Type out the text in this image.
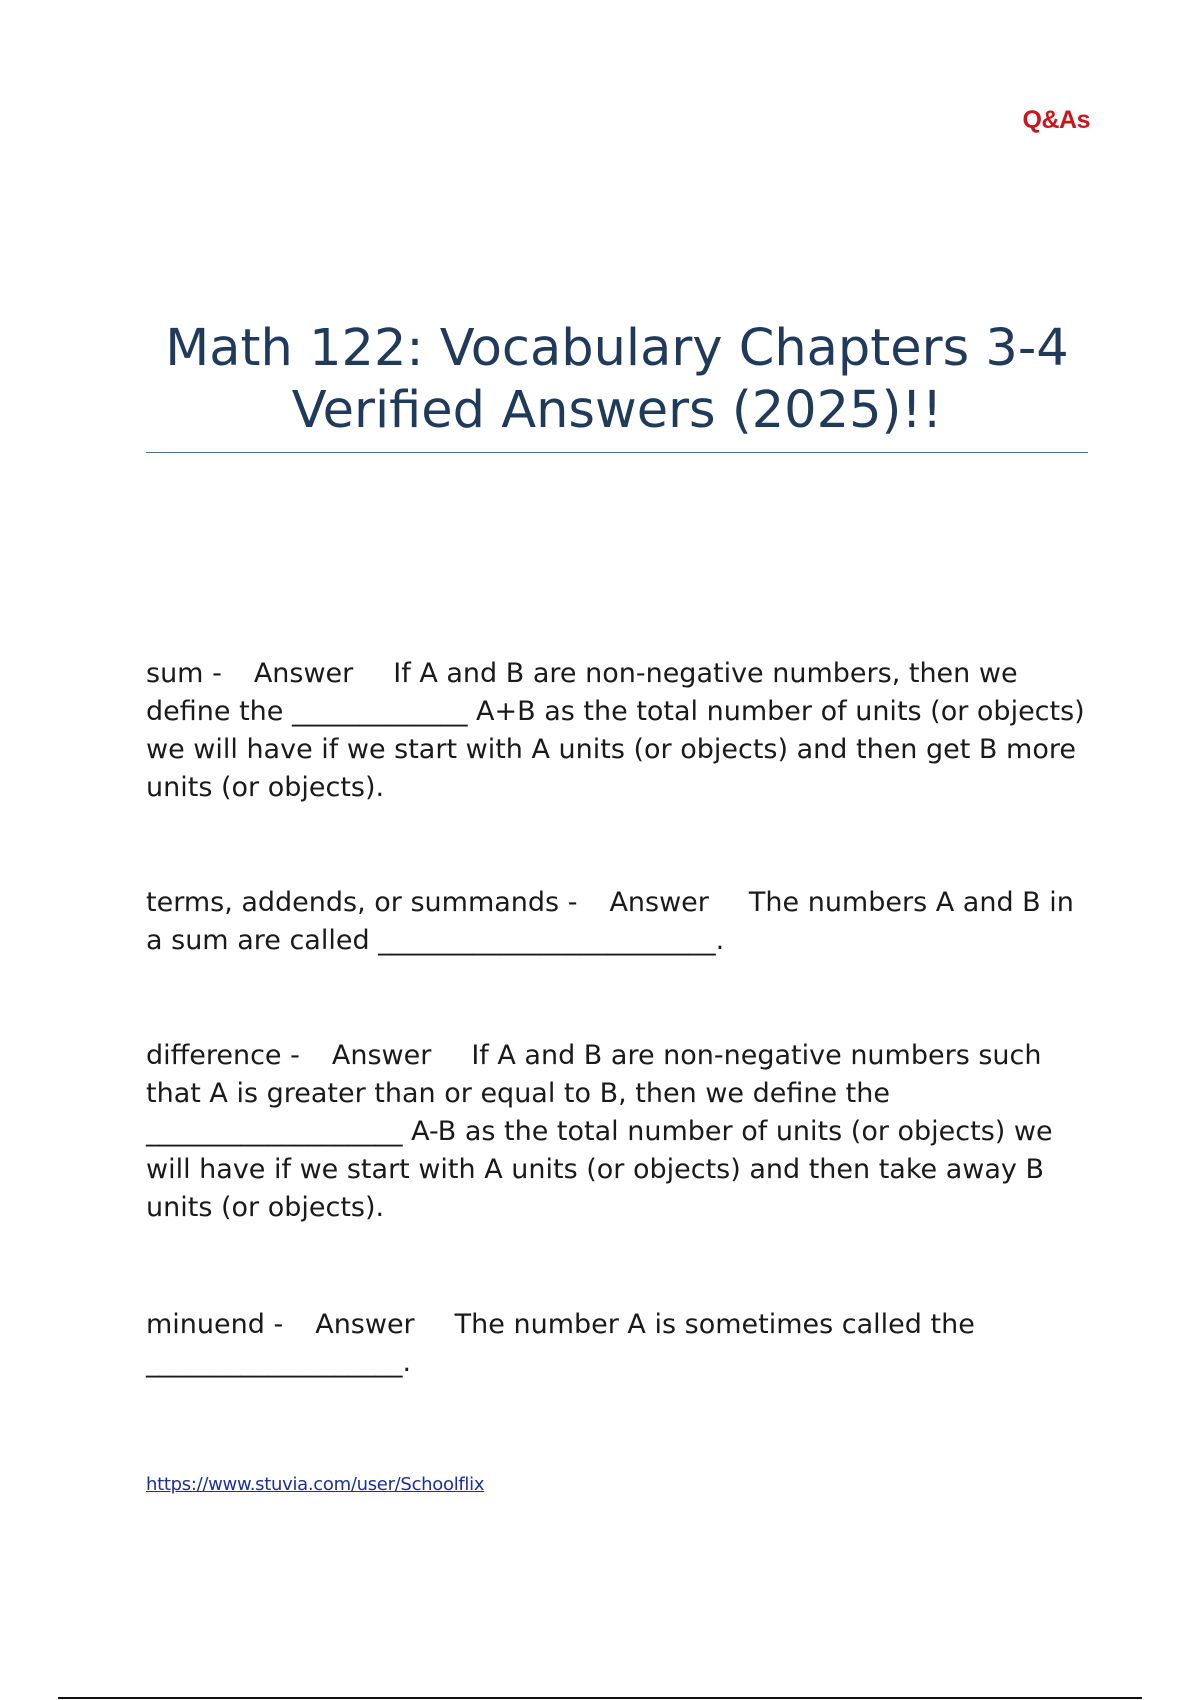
Q&As
Math 122: Vocabulary Chapters 3-4 Verified Answers (2025)!!

sum - Answer If A and B are non-negative numbers, then we define the _____________ A+B as the total number of units (or objects) we will have if we start with A units (or objects) and then get B more units (or objects).

terms, addends, or summands - Answer The numbers A and B in a sum are called _________________________.

difference - Answer If A and B are non-negative numbers such that A is greater than or equal to B, then we define the ___________________ A-B as the total number of units (or objects) we will have if we start with A units (or objects) and then take away B units (or objects).

minuend - Answer The number A is sometimes called the ___________________.

https://www.stuvia.com/user/Schoolflix
